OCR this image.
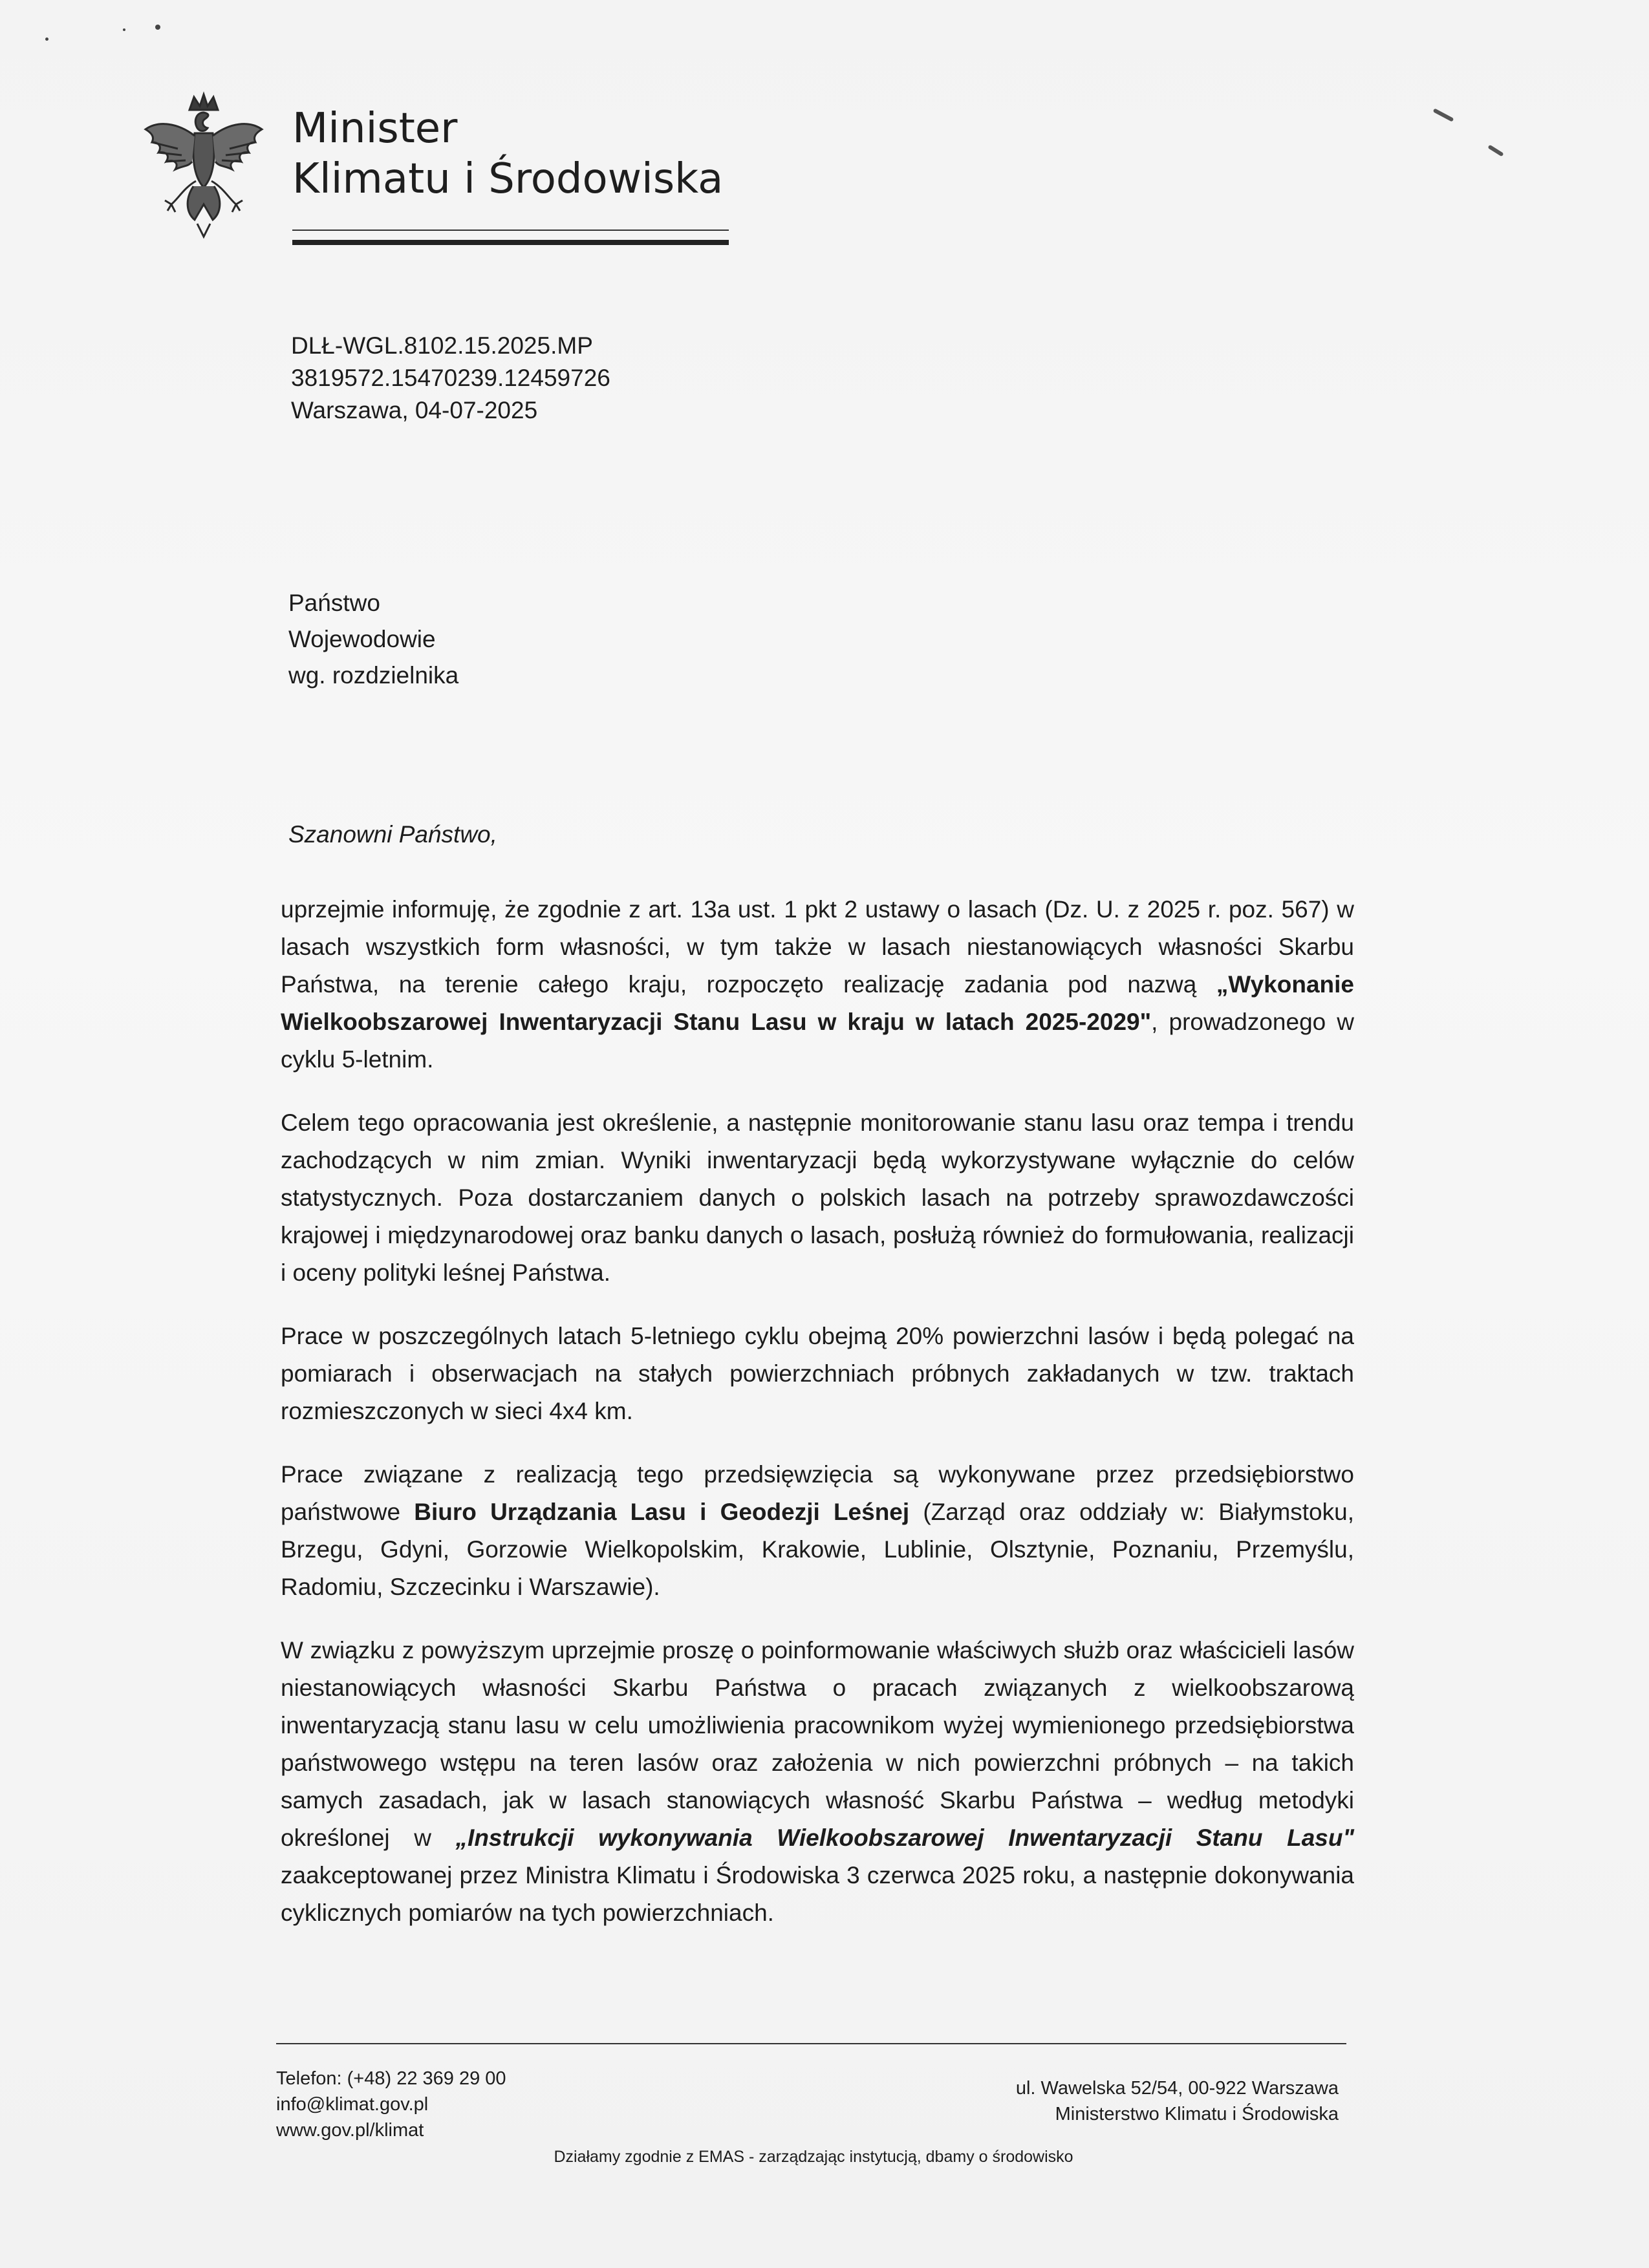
Minister
Klimatu i Środowiska
DLŁ-WGL.8102.15.2025.MP
3819572.15470239.12459726
Warszawa, 04-07-2025
Państwo
Wojewodowie
wg. rozdzielnika
Szanowni Państwo,

uprzejmie informuję, że zgodnie z art. 13a ust. 1 pkt 2 ustawy o lasach (Dz. U. z 2025 r. poz. 567) w lasach wszystkich form własności, w tym także w lasach niestanowiących własności Skarbu Państwa, na terenie całego kraju, rozpoczęto realizację zadania pod nazwą „Wykonanie Wielkoobszarowej Inwentaryzacji Stanu Lasu w kraju w latach 2025-2029", prowadzonego w cyklu 5-letnim.

Celem tego opracowania jest określenie, a następnie monitorowanie stanu lasu oraz tempa i trendu zachodzących w nim zmian. Wyniki inwentaryzacji będą wykorzystywane wyłącznie do celów statystycznych. Poza dostarczaniem danych o polskich lasach na potrzeby sprawozdawczości krajowej i międzynarodowej oraz banku danych o lasach, posłużą również do formułowania, realizacji i oceny polityki leśnej Państwa.

Prace w poszczególnych latach 5-letniego cyklu obejmą 20% powierzchni lasów i będą polegać na pomiarach i obserwacjach na stałych powierzchniach próbnych zakładanych w tzw. traktach rozmieszczonych w sieci 4x4 km.

Prace związane z realizacją tego przedsięwzięcia są wykonywane przez przedsiębiorstwo państwowe Biuro Urządzania Lasu i Geodezji Leśnej (Zarząd oraz oddziały w: Białymstoku, Brzegu, Gdyni, Gorzowie Wielkopolskim, Krakowie, Lublinie, Olsztynie, Poznaniu, Przemyślu, Radomiu, Szczecinku i Warszawie).

W związku z powyższym uprzejmie proszę o poinformowanie właściwych służb oraz właścicieli lasów niestanowiących własności Skarbu Państwa o pracach związanych z wielkoobszarową inwentaryzacją stanu lasu w celu umożliwienia pracownikom wyżej wymienionego przedsiębiorstwa państwowego wstępu na teren lasów oraz założenia w nich powierzchni próbnych – na takich samych zasadach, jak w lasach stanowiących własność Skarbu Państwa – według metodyki określonej w „Instrukcji wykonywania Wielkoobszarowej Inwentaryzacji Stanu Lasu" zaakceptowanej przez Ministra Klimatu i Środowiska 3 czerwca 2025 roku, a następnie dokonywania cyklicznych pomiarów na tych powierzchniach.

Telefon: (+48) 22 369 29 00
info@klimat.gov.pl
www.gov.pl/klimat
ul. Wawelska 52/54, 00-922 Warszawa
Ministerstwo Klimatu i Środowiska
Działamy zgodnie z EMAS - zarządzając instytucją, dbamy o środowisko
